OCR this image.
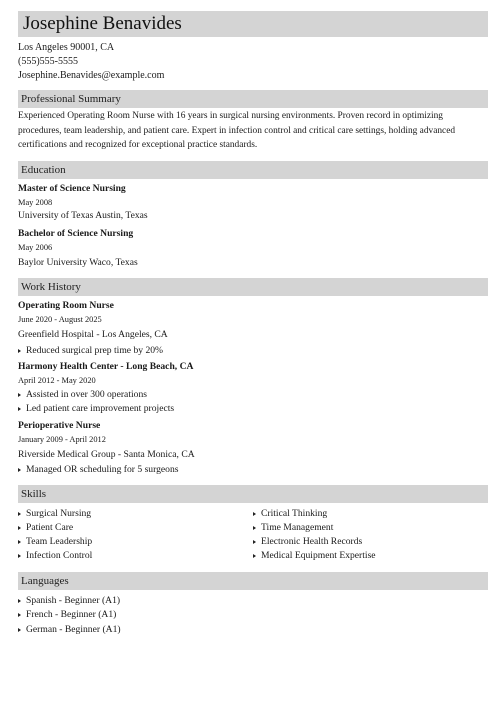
Josephine Benavides
Los Angeles 90001, CA
(555)555-5555
Josephine.Benavides@example.com
Professional Summary
Experienced Operating Room Nurse with 16 years in surgical nursing environments. Proven record in optimizing procedures, team leadership, and patient care. Expert in infection control and critical care settings, holding advanced certifications and recognized for exceptional practice standards.
Education
Master of Science Nursing
May 2008
University of Texas Austin, Texas
Bachelor of Science Nursing
May 2006
Baylor University Waco, Texas
Work History
Operating Room Nurse
June 2020 - August 2025
Greenfield Hospital - Los Angeles, CA
Reduced surgical prep time by 20%
Harmony Health Center - Long Beach, CA
April 2012 - May 2020
Assisted in over 300 operations
Led patient care improvement projects
Perioperative Nurse
January 2009 - April 2012
Riverside Medical Group - Santa Monica, CA
Managed OR scheduling for 5 surgeons
Skills
Surgical Nursing
Patient Care
Team Leadership
Infection Control
Critical Thinking
Time Management
Electronic Health Records
Medical Equipment Expertise
Languages
Spanish - Beginner (A1)
French - Beginner (A1)
German - Beginner (A1)
